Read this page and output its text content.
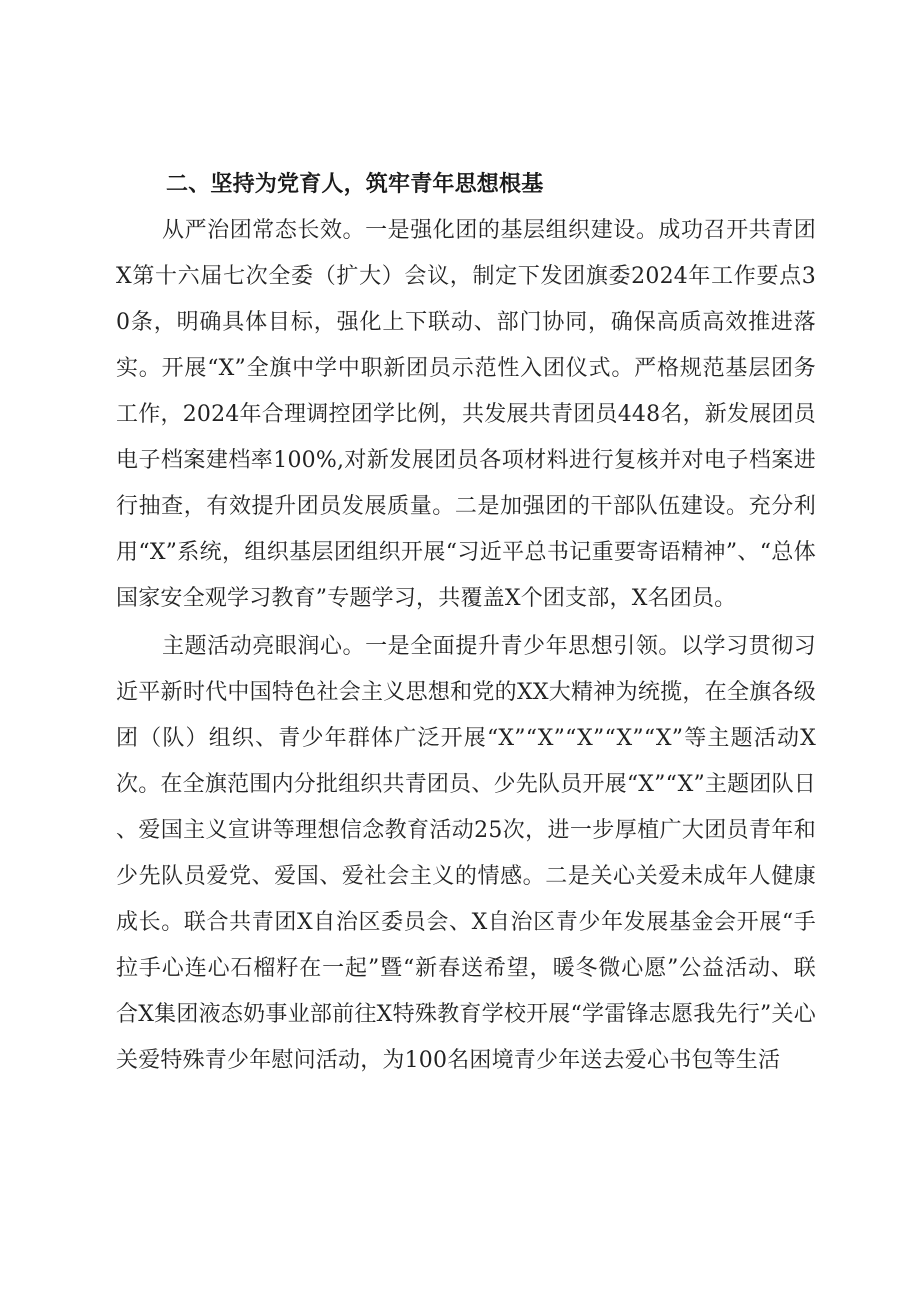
二、坚持为党育人，筑牢青年思想根基

从严治团常态长效。一是强化团的基层组织建设。成功召开共青团X第十六届七次全委（扩大）会议，制定下发团旗委2024年工作要点30条，明确具体目标，强化上下联动、部门协同，确保高质高效推进落实。开展“X”全旗中学中职新团员示范性入团仪式。严格规范基层团务工作，2024年合理调控团学比例，共发展共青团员448名，新发展团员电子档案建档率100%,对新发展团员各项材料进行复核并对电子档案进行抽查，有效提升团员发展质量。二是加强团的干部队伍建设。充分利用“X”系统，组织基层团组织开展“习近平总书记重要寄语精神”、“总体国家安全观学习教育”专题学习，共覆盖X个团支部，X名团员。

主题活动亮眼润心。一是全面提升青少年思想引领。以学习贯彻习近平新时代中国特色社会主义思想和党的XX大精神为统揽，在全旗各级团（队）组织、青少年群体广泛开展“X”“X”“X”“X”“X”等主题活动X次。在全旗范围内分批组织共青团员、少先队员开展“X”“X”主题团队日、爱国主义宣讲等理想信念教育活动25次，进一步厚植广大团员青年和少先队员爱党、爱国、爱社会主义的情感。二是关心关爱未成年人健康成长。联合共青团X自治区委员会、X自治区青少年发展基金会开展“手拉手心连心石榴籽在一起”暨“新春送希望，暖冬微心愿”公益活动、联合X集团液态奶事业部前往X特殊教育学校开展“学雷锋志愿我先行”关心关爱特殊青少年慰问活动，为100名困境青少年送去爱心书包等生活
